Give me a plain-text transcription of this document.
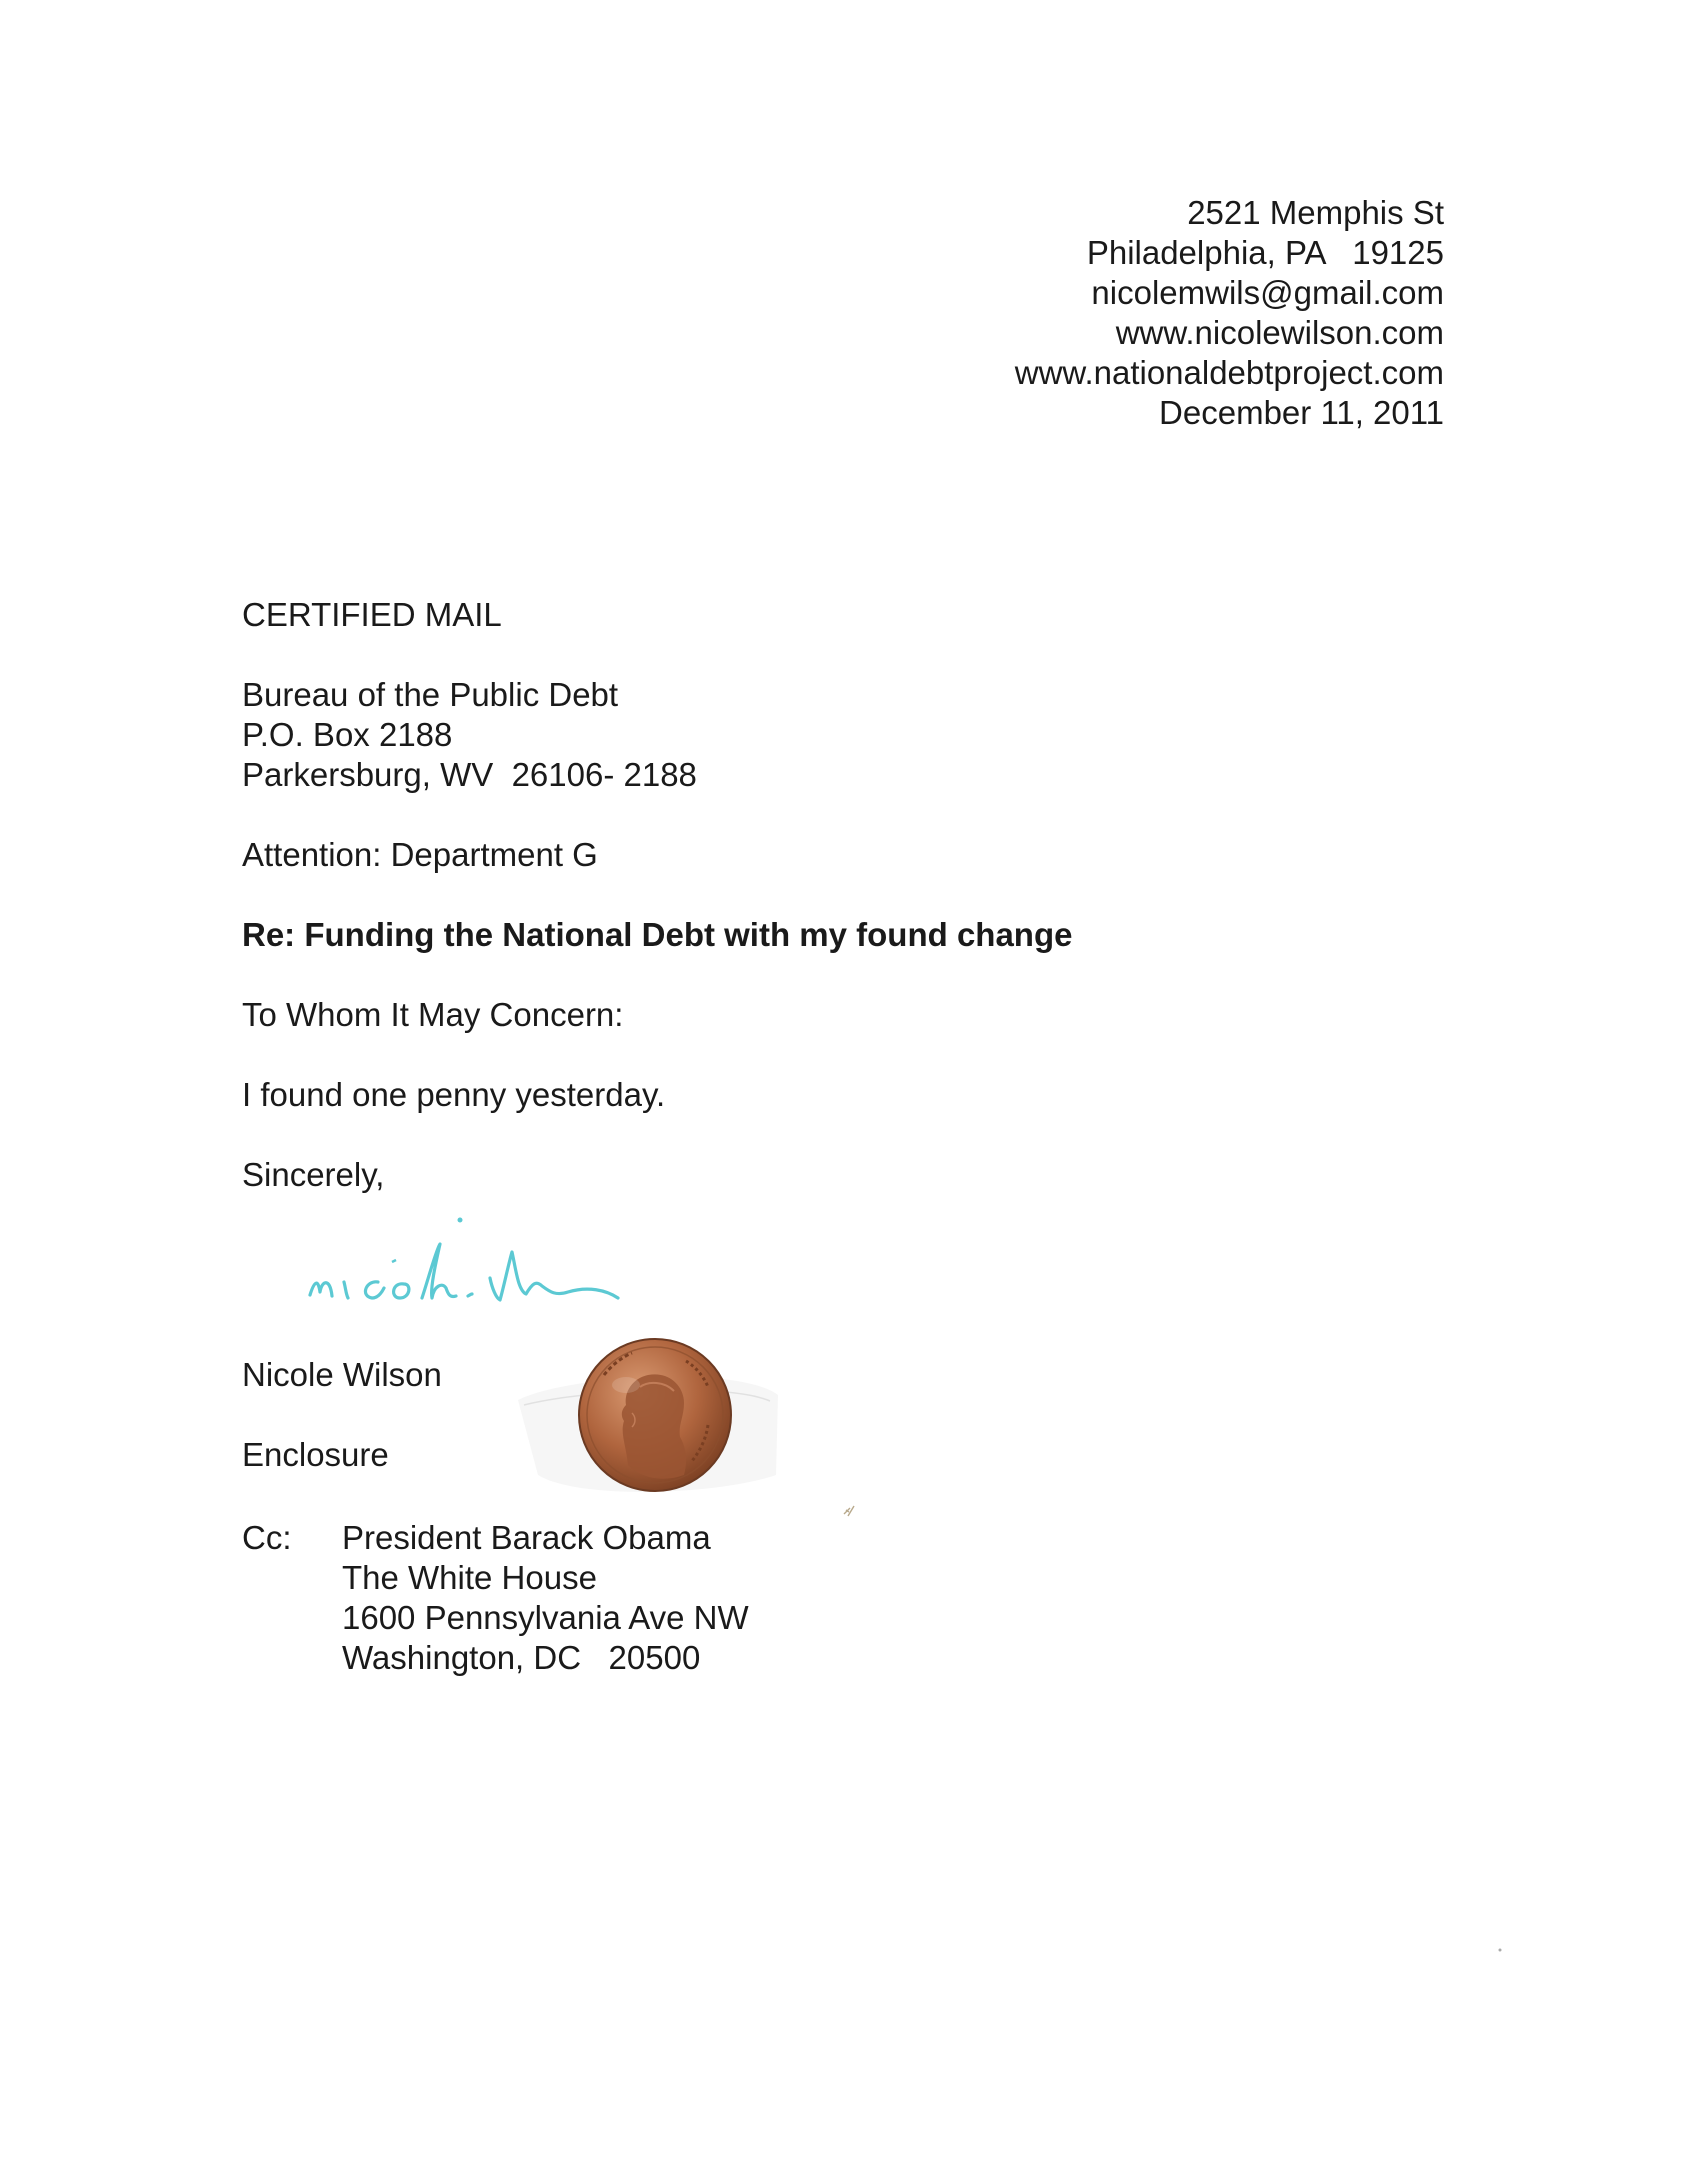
2521 Memphis St
Philadelphia, PA   19125
nicolemwils@gmail.com
www.nicolewilson.com
www.nationaldebtproject.com
December 11, 2011
CERTIFIED MAIL
Bureau of the Public Debt
P.O. Box 2188
Parkersburg, WV  26106- 2188
Attention: Department G
Re: Funding the National Debt with my found change
To Whom It May Concern:
I found one penny yesterday.
Sincerely,
Nicole Wilson
Enclosure
Cc: President Barack Obama
The White House
1600 Pennsylvania Ave NW
Washington, DC   20500
